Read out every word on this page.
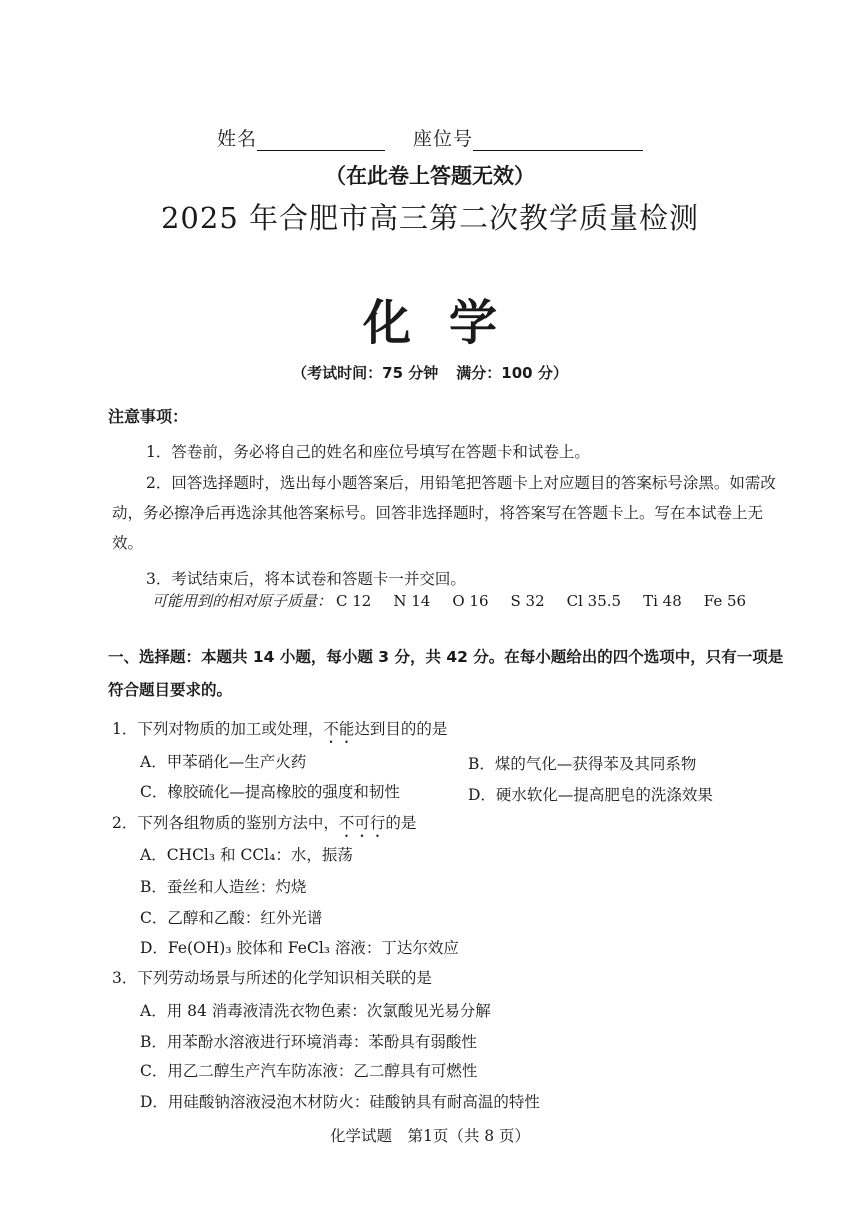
姓名	座位号
（在此卷上答题无效）
2025 年合肥市高三第二次教学质量检测
化学
（考试时间：75 分钟 满分：100 分）
注意事项：
1．答卷前，务必将自己的姓名和座位号填写在答题卡和试卷上。
2．回答选择题时，选出每小题答案后，用铅笔把答题卡上对应题目的答案标号涂黑。如需改动，务必擦净后再选涂其他答案标号。回答非选择题时，将答案写在答题卡上。写在本试卷上无效。
3．考试结束后，将本试卷和答题卡一并交回。
可能用到的相对原子质量： C 12 N 14 O 16 S 32 Cl 35.5 Ti 48 Fe 56
一、选择题：本题共 14 小题，每小题 3 分，共 42 分。在每小题给出的四个选项中，只有一项是符合题目要求的。
1．下列对物质的加工或处理，不能达到目的的是
A．甲苯硝化—生产火药	B．煤的气化—获得苯及其同系物
C．橡胶硫化—提高橡胶的强度和韧性	D．硬水软化—提高肥皂的洗涤效果
2．下列各组物质的鉴别方法中，不可行的是
A．CHCl₃ 和 CCl₄：水，振荡
B．蚕丝和人造丝：灼烧
C．乙醇和乙酸：红外光谱
D．Fe(OH)₃ 胶体和 FeCl₃ 溶液：丁达尔效应
3．下列劳动场景与所述的化学知识相关联的是
A．用 84 消毒液清洗衣物色素：次氯酸见光易分解
B．用苯酚水溶液进行环境消毒：苯酚具有弱酸性
C．用乙二醇生产汽车防冻液：乙二醇具有可燃性
D．用硅酸钠溶液浸泡木材防火：硅酸钠具有耐高温的特性
化学试题　第1页（共 8 页）
